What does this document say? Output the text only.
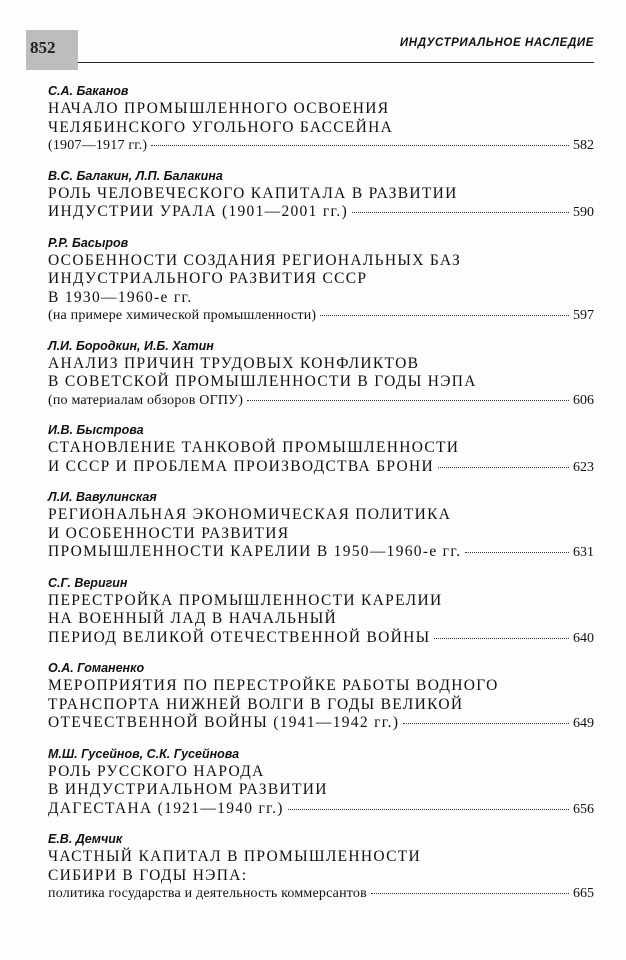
852	ИНДУСТРИАЛЬНОЕ НАСЛЕДИЕ
С.А. Баканов
НАЧАЛО ПРОМЫШЛЕННОГО ОСВОЕНИЯ
ЧЕЛЯБИНСКОГО УГОЛЬНОГО БАССЕЙНА
(1907—1917 гг.)	582
В.С. Балакин, Л.П. Балакина
РОЛЬ ЧЕЛОВЕЧЕСКОГО КАПИТАЛА В РАЗВИТИИ
ИНДУСТРИИ УРАЛА (1901—2001 гг.)	590
Р.Р. Басыров
ОСОБЕННОСТИ СОЗДАНИЯ РЕГИОНАЛЬНЫХ БАЗ
ИНДУСТРИАЛЬНОГО РАЗВИТИЯ СССР
В 1930—1960-е гг.
(на примере химической промышленности)	597
Л.И. Бородкин, И.Б. Хатин
АНАЛИЗ ПРИЧИН ТРУДОВЫХ КОНФЛИКТОВ
В СОВЕТСКОЙ ПРОМЫШЛЕННОСТИ В ГОДЫ НЭПА
(по материалам обзоров ОГПУ)	606
И.В. Быстрова
СТАНОВЛЕНИЕ ТАНКОВОЙ ПРОМЫШЛЕННОСТИ
И СССР И ПРОБЛЕМА ПРОИЗВОДСТВА БРОНИ	623
Л.И. Вавулинская
РЕГИОНАЛЬНАЯ ЭКОНОМИЧЕСКАЯ ПОЛИТИКА
И ОСОБЕННОСТИ РАЗВИТИЯ
ПРОМЫШЛЕННОСТИ КАРЕЛИИ В 1950—1960-е гг.	631
С.Г. Веригин
ПЕРЕСТРОЙКА ПРОМЫШЛЕННОСТИ КАРЕЛИИ
НА ВОЕННЫЙ ЛАД В НАЧАЛЬНЫЙ
ПЕРИОД ВЕЛИКОЙ ОТЕЧЕСТВЕННОЙ ВОЙНЫ	640
О.А. Гоманенко
МЕРОПРИЯТИЯ ПО ПЕРЕСТРОЙКЕ РАБОТЫ ВОДНОГО
ТРАНСПОРТА НИЖНЕЙ ВОЛГИ В ГОДЫ ВЕЛИКОЙ
ОТЕЧЕСТВЕННОЙ ВОЙНЫ (1941—1942 гг.)	649
М.Ш. Гусейнов, С.К. Гусейнова
РОЛЬ РУССКОГО НАРОДА
В ИНДУСТРИАЛЬНОМ РАЗВИТИИ
ДАГЕСТАНА (1921—1940 гг.)	656
Е.В. Демчик
ЧАСТНЫЙ КАПИТАЛ В ПРОМЫШЛЕННОСТИ
СИБИРИ В ГОДЫ НЭПА:
политика государства и деятельность коммерсантов	665
